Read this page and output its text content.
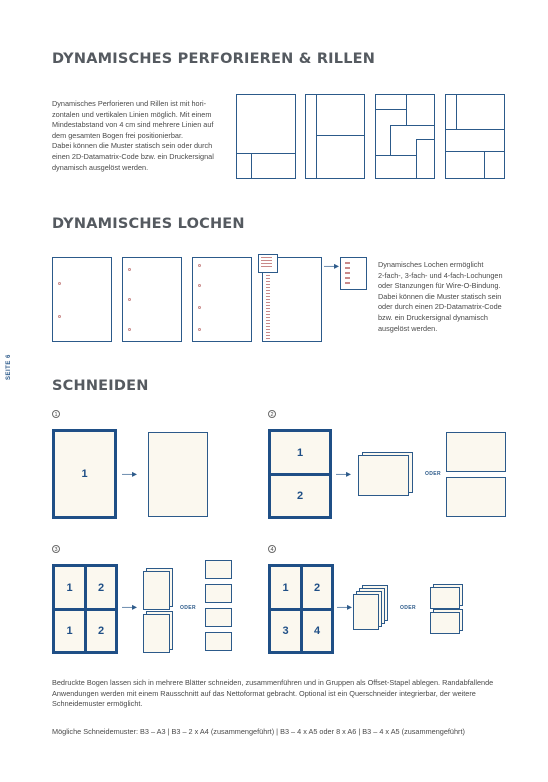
SEITE 6
DYNAMISCHES PERFORIEREN & RILLEN

Dynamisches Perforieren und Rillen ist mit hori-
zontalen und vertikalen Linien möglich. Mit einem
Mindestabstand von 4 cm sind mehrere Linien auf
dem gesamten Bogen frei positionierbar.
Dabei können die Muster statisch sein oder durch
einen 2D-Datamatrix-Code bzw. ein Druckersignal
dynamisch ausgelöst werden.

DYNAMISCHES LOCHEN
—▸	Dynamisches Lochen ermöglicht
2-fach-, 3-fach- und 4-fach-Lochungen
oder Stanzungen für Wire-O-Bindung.
Dabei können die Muster statisch sein
oder durch einen 2D-Datamatrix-Code
bzw. ein Druckersignal dynamisch
ausgelöst werden.

SCHNEIDEN
1
1	—▸
2
1
2
—▸	ODER
3
1 2
1 2
—▸	ODER
4
1 2
3 4
—▸	ODER

Bedruckte Bogen lassen sich in mehrere Blätter schneiden, zusammenführen und in Gruppen als Offset-Stapel ablegen. Randabfallende
Anwendungen werden mit einem Rausschnitt auf das Nettoformat gebracht. Optional ist ein Querschneider integrierbar, der weitere
Schneidemuster ermöglicht.

Mögliche Schneidemuster: B3 – A3 | B3 – 2 x A4 (zusammengeführt) | B3 – 4 x A5 oder 8 x A6 | B3 – 4 x A5 (zusammengeführt)
